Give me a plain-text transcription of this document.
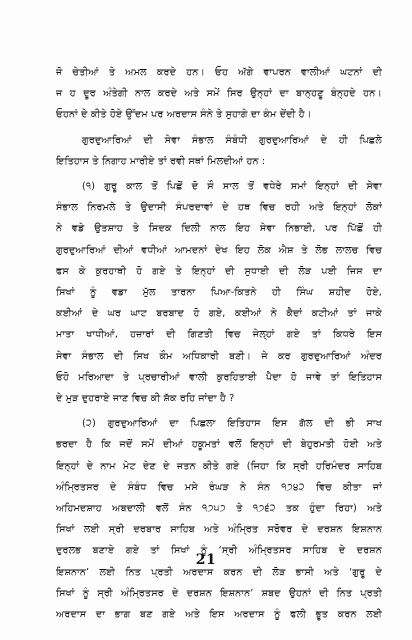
ਜੋ ਚੇਤੀਆਂ ਤੇ ਅਮਲ ਕਰਦੇ ਹਨ। ਓਹ ਅੱਗੇ ਵਾਪਰਨ ਵਾਲੀਆਂ ਘਟਨਾਂ ਦੀ
ਜ ਹ ਦੂਰ ਅੰਤੇਗੀ ਨਾਲ ਕਰਦੇ ਅਤੇ ਸਮੇਂ ਸਿਰ ਉਨ੍ਹਾਂ ਦਾ ਬਾਨ੍ਹਣੂ ਬੰਨ੍ਹਦੇ ਹਨ।
ਓਹਨਾਂ ਦੇ ਕੀਤੇ ਹੋਏ ਉੱਦਮ ਪਰ ਅਰਦਾਸ ਸੰਨੇ ਤੇ ਸੁਹਾਗੇ ਦਾ ਕੰਮ ਦੇਂਦੀ ਹੈ।
ਗੁਰਦੁਆਰਿਆਂ ਦੀ ਸੇਵਾ ਸੰਭਾਲ ਸੰਬੰਧੀ ਗੁਰਦੁਆਰਿਆਂ ਦੇ ਹੀ ਪਿਛਲੇ
ਇਤਿਹਾਸ ਤੇ ਨਿਗਾਹ ਮਾਰੀਏ ਤਾਂ ਰਵੀ ਸਥਾਂ ਮਿਲਦੀਆਂ ਹਨ :
(੧) ਗੁਰੂ ਕਾਲ ਤੋਂ ਪਿਛੋਂ ਦੋ ਸੌ ਸਾਲ ਤੋਂ ਵਧੇਰੇ ਸਮਾਂ ਇਨ੍ਹਾਂ ਦੀ ਸੇਵਾ
ਸੰਭਾਲ ਨਿਰਮਲੇ ਤੇ ਉਦਾਸੀ ਸੰਪਰਦਾਵਾਂ ਦੇ ਹਥ ਵਿਚ ਰਹੀ ਅਤੇ ਇਨ੍ਹਾਂ ਲੋਕਾਂ
ਨੇ ਵਡੇ ਉਤਸ਼ਾਹ ਤੇ ਸਿਦਕ ਦਿਲੀ ਨਾਲ ਇਹ ਸੇਵਾ ਨਿਭਾਈ, ਪਰ ਪਿੱਛੋਂ ਹੀ
ਗੁਰਦੁਆਰਿਆਂ ਦੀਆਂ ਵਧੀਆਂ ਆਮਦਨਾਂ ਦੇਖ ਇਹ ਲੋਕ ਐਸ਼ ਤੇ ਲੋਭ ਲਾਲਚ ਵਿਚ
ਫਸ ਕੇ ਕੁਰਹਾਥੀ ਹੋ ਗਏ ਤੇ ਇਨ੍ਹਾਂ ਦੀ ਸੁਧਾਈ ਦੀ ਲੋੜ ਪਈ ਜਿਸ ਦਾ
ਸਿਖਾਂ ਨੂੰ ਵਡਾ ਮੁੱਲ ਤਾਰਨਾ ਪਿਆ-ਕਿਤਨੇ ਹੀ ਸਿੰਘ ਸ਼ਹੀਦ ਹੋਏ,
ਕਈਆਂ ਦੇ ਘਰ ਘਾਟ ਬਰਬਾਦ ਹੋ ਗਏ, ਕਈਆਂ ਨੇ ਕੈਦਾਂ ਕਟੀਆਂ ਤਾਂ ਜਾਕੇ
ਮਾਤਾ ਖਾਧੀਆਂ, ਹਜ਼ਾਰਾਂ ਦੀ ਗਿਣਤੀ ਵਿਚ ਜੇਲ੍ਹਾਂ ਗਏ ਤਾਂ ਕਿਧਰੇ ਇਸ
ਸੇਵਾ ਸੰਭਾਲ ਦੀ ਸਿਖ ਕੌਮ ਅਧਿਕਾਰੀ ਬਣੀ। ਜੇ ਕਰ ਗੁਰਦੁਆਰਿਆਂ ਅੰਦਰ
ਓਹੋ ਮਰਿਆਦਾ ਤੇ ਪ੍ਰਚਾਰੀਆਂ ਵਾਲੀ ਕੁਰਹਿਤਾਈ ਪੈਦਾ ਹੋ ਜਾਵੇ ਤਾਂ ਇਤਿਹਾਸ
ਦੇ ਮੁੜ ਦੁਹਰਾਏ ਜਾਣ ਵਿਚ ਕੀ ਸ਼ੱਕ ਰਹਿ ਜਾਂਦਾ ਹੈ ?
(੨) ਗੁਰਦੁਆਰਿਆਂ ਦਾ ਪਿਛਲਾ ਇਤਿਹਾਸ ਇਸ ਗੱਲ ਦੀ ਭੀ ਸਾਖ
ਭਰਦਾ ਹੈ ਕਿ ਜਦੋਂ ਸਮੇਂ ਦੀਆਂ ਹਕੂਮਤਾਂ ਵਲੋਂ ਇਨ੍ਹਾਂ ਦੀ ਬੇਹੁਰਮਤੀ ਹੋਈ ਅਤੇ
ਇਨ੍ਹਾਂ ਦੇ ਨਾਮ ਮੇਟ ਦੇਣ ਦੇ ਜਤਨ ਕੀਤੇ ਗਏ (ਜਿਹਾ ਕਿ ਸ੍ਰੀ ਹਰਿਮੰਦਰ ਸਾਹਿਬ
ਅੰਮ੍ਰਿਤਸਰ ਦੇ ਸੰਬੰਧ ਵਿਚ ਮਸੇ ਰੰਘੜ ਨੇ ਸੰਨ ੧੭੪੨ ਵਿਚ ਕੀਤਾ ਜਾਂ
ਅਹਿਮਦਸ਼ਾਹ ਅਬਦਾਲੀ ਵਲੋਂ ਸੰਨ ੧੭੫੭ ਤੇ ੧੭੬੨ ਤਕ ਹੁੰਦਾ ਰਿਹਾ) ਅਤੇ
ਸਿਖਾਂ ਲਈ ਸ੍ਰੀ ਦਰਬਾਰ ਸਾਹਿਬ ਅਤੇ ਅੰਮ੍ਰਿਤ ਸਰੋਵਰ ਦੇ ਦਰਸ਼ਨ ਇਸ਼ਨਾਨ
ਦੁਰਲਭ ਬਣਾਏ ਗਏ ਤਾਂ ਸਿਖਾਂ ਨੂੰ ‘ਸ੍ਰੀ ਅੰਮ੍ਰਿਤਸਰ ਸਾਹਿਬ ਦੇ ਦਰਸ਼ਨ
ਇਸ਼ਨਾਨ’ ਲਈ ਨਿਤ ਪ੍ਰਤੀ ਅਰਦਾਸ ਕਰਨ ਦੀ ਲੋੜ ਭਾਸੀ ਅਤੇ ‘ਗੁਰੂ ਦੇ
ਸਿਖਾਂ ਨੂੰ ਸ੍ਰੀ ਅੰਮ੍ਰਿਤਸਰ ਦੇ ਦਰਸ਼ਨ ਇਸ਼ਨਾਨ’ ਸ਼ਬਦ ਉਹਨਾਂ ਦੀ ਨਿਤ ਪ੍ਰਤੀ
ਅਰਦਾਸ ਦਾ ਭਾਗ ਬਣ ਗਏ ਅਤੇ ਇਸ ਅਰਦਾਸ ਨੂੰ ਫਲੀ ਭੂਤ ਕਰਨ ਲਈ
21
